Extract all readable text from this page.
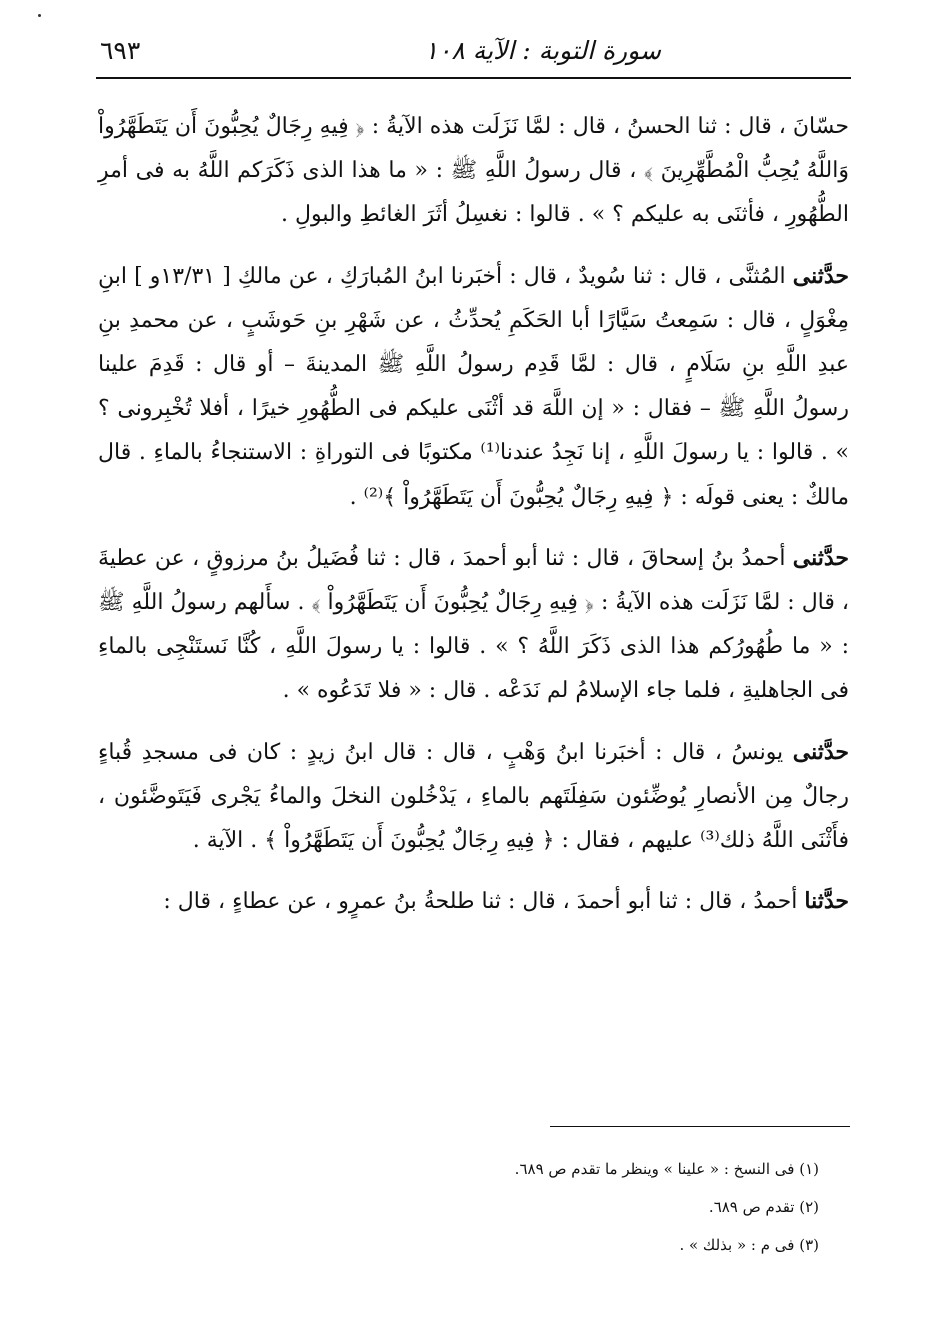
سورة التوبة : الآية ١٠٨
٦٩٣

حسّانَ ، قال : ثنا الحسنُ ، قال : لمَّا نَزَلَت هذه الآيةُ : ﴿ فِيهِ رِجَالٌ يُحِبُّونَ أَن يَتَطَهَّرُواْ وَاللَّهُ يُحِبُّ الْمُطَّهِّرِينَ ﴾ ، قال رسولُ اللَّهِ ﷺ : « ما هذا الذى ذَكَرَكم اللَّهُ به فى أمرِ الطُّهُورِ ، فأثنَى به عليكم ؟ » . قالوا : نغسِلُ أثَرَ الغائطِ والبولِ .

حدَّثنى المُثنَّى ، قال : ثنا سُويدٌ ، قال : أخبَرنا ابنُ المُبارَكِ ، عن مالكِ [ ١٣/٣١و ] ابنِ مِغْوَلٍ ، قال : سَمِعتُ سَيَّارًا أبا الحَكَمِ يُحدِّثُ ، عن شَهْرِ بنِ حَوشَبٍ ، عن محمدِ بنِ عبدِ اللَّهِ بنِ سَلَامٍ ، قال : لمَّا قَدِم رسولُ اللَّهِ ﷺ المدينةَ – أو قال : قَدِمَ علينا رسولُ اللَّهِ ﷺ – فقال : « إن اللَّهَ قد أثْنَى عليكم فى الطُّهُورِ خيرًا ، أفلا تُخْبِرونى ؟ » . قالوا : يا رسولَ اللَّهِ ، إنا نَجِدُ عندنا⁽¹⁾ مكتوبًا فى التوراةِ : الاستنجاءُ بالماءِ . قال مالكٌ : يعنى قولَه : ﴿ فِيهِ رِجَالٌ يُحِبُّونَ أَن يَتَطَهَّرُواْ ﴾⁽²⁾ .

حدَّثنى أحمدُ بنُ إسحاقَ ، قال : ثنا أبو أحمدَ ، قال : ثنا فُضَيلُ بنُ مرزوقٍ ، عن عطيةَ ، قال : لمَّا نَزَلَت هذه الآيةُ : ﴿ فِيهِ رِجَالٌ يُحِبُّونَ أَن يَتَطَهَّرُواْ ﴾ . سأَلهم رسولُ اللَّهِ ﷺ : « ما طُهُورُكم هذا الذى ذَكَرَ اللَّهُ ؟ » . قالوا : يا رسولَ اللَّهِ ، كُنَّا نَستَنْجِى بالماءِ فى الجاهليةِ ، فلما جاء الإسلامُ لم نَدَعْه . قال : « فلا تَدَعُوه » .

حدَّثنى يونسُ ، قال : أخبَرنا ابنُ وَهْبٍ ، قال : قال ابنُ زيدٍ : كان فى مسجدِ قُباءٍ رجالٌ مِن الأنصارِ يُوضِّئون سَفِلَتَهم بالماءِ ، يَدْخُلون النخلَ والماءُ يَجْرى فَيَتَوضَّئون ، فأَثْنَى اللَّهُ ذلك⁽³⁾ عليهم ، فقال : ﴿ فِيهِ رِجَالٌ يُحِبُّونَ أَن يَتَطَهَّرُواْ ﴾ . الآية .

حدَّثنا أحمدُ ، قال : ثنا أبو أحمدَ ، قال : ثنا طلحةُ بنُ عمرٍو ، عن عطاءٍ ، قال :

(١) فى النسخ : « علينا » وينظر ما تقدم ص ٦٨٩.
(٢) تقدم ص ٦٨٩.
(٣) فى م : « بذلك » .
